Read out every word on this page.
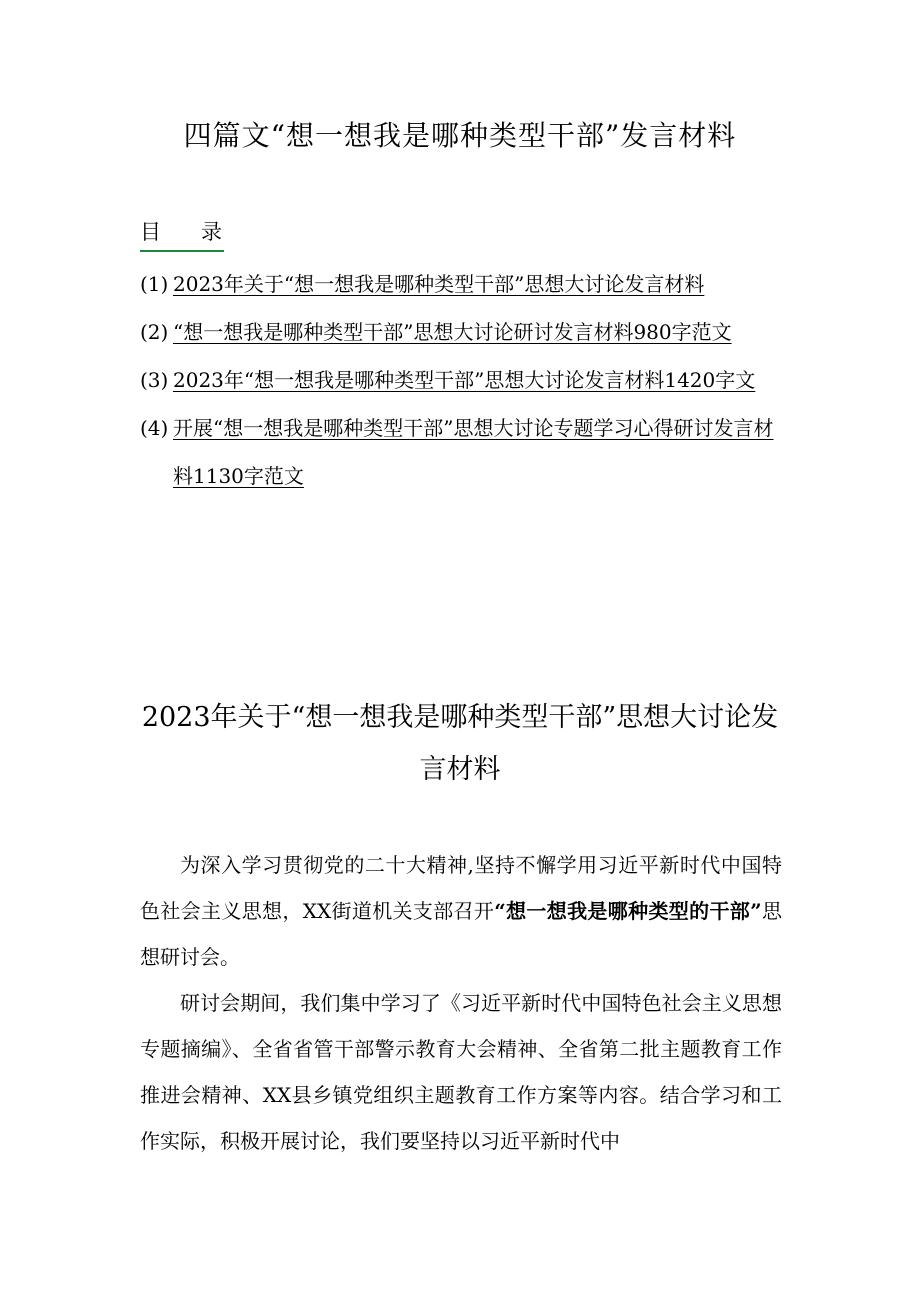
四篇文“想一想我是哪种类型干部”发言材料
目 录
(1) 2023年关于“想一想我是哪种类型干部”思想大讨论发言材料
(2) “想一想我是哪种类型干部”思想大讨论研讨发言材料980字范文
(3) 2023年“想一想我是哪种类型干部”思想大讨论发言材料1420字文
(4) 开展“想一想我是哪种类型干部”思想大讨论专题学习心得研讨发言材料1130字范文
2023年关于“想一想我是哪种类型干部”思想大讨论发言材料

为深入学习贯彻党的二十大精神,坚持不懈学用习近平新时代中国特色社会主义思想，XX街道机关支部召开“想一想我是哪种类型的干部”思想研讨会。

研讨会期间，我们集中学习了《习近平新时代中国特色社会主义思想专题摘编》、全省省管干部警示教育大会精神、全省第二批主题教育工作推进会精神、XX县乡镇党组织主题教育工作方案等内容。结合学习和工作实际，积极开展讨论，我们要坚持以习近平新时代中
